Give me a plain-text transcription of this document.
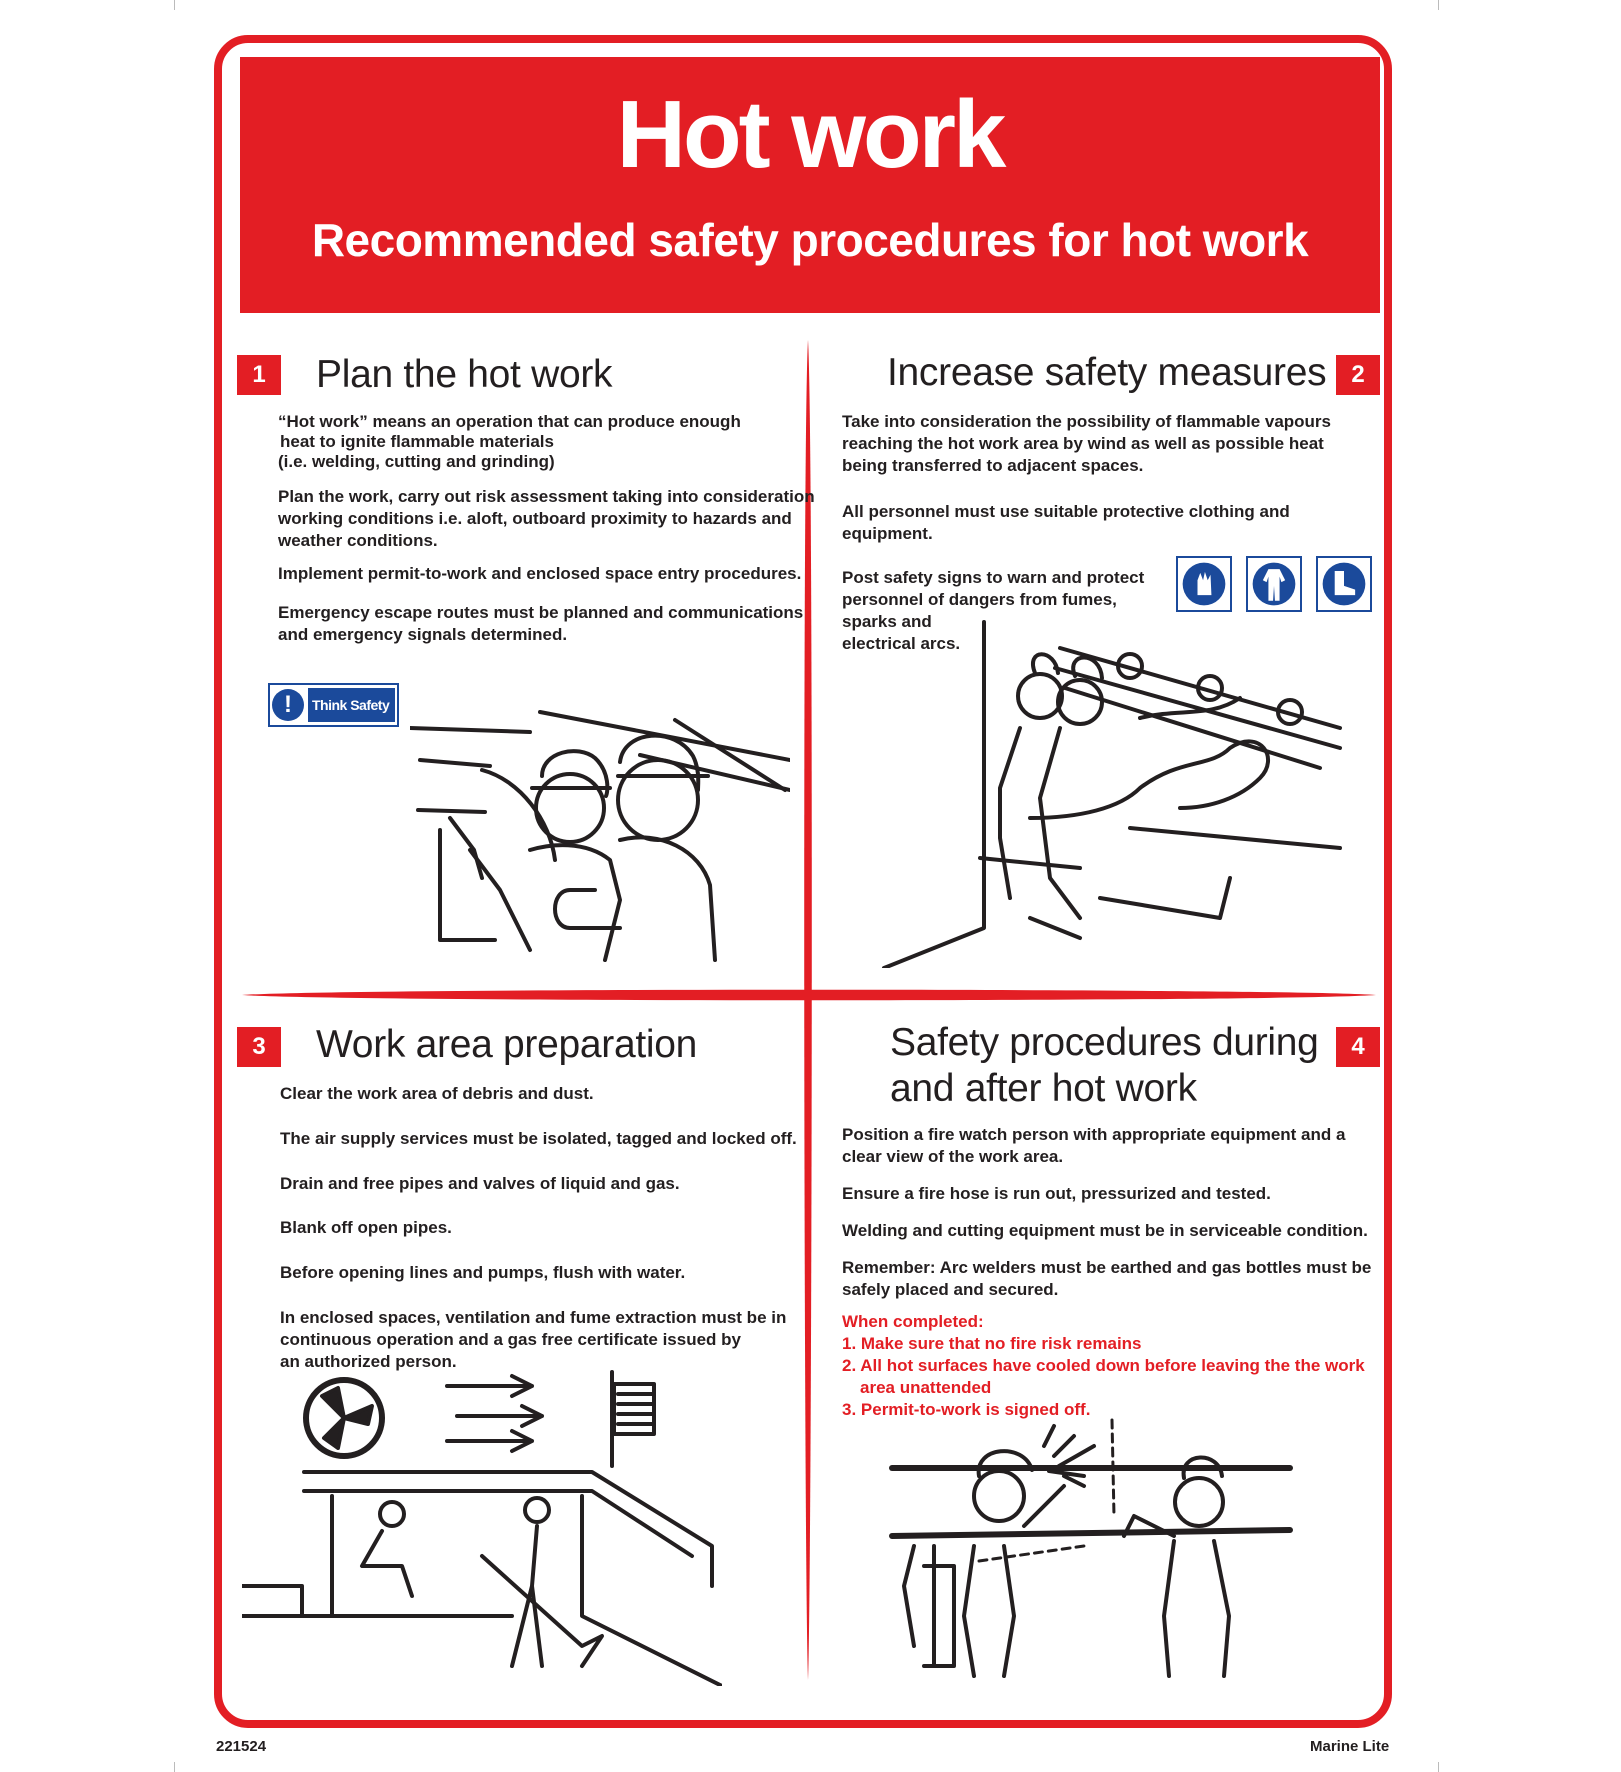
Hot work
Recommended safety procedures for hot work
1	Plan the hot work
“Hot work” means an operation that can produce enough
heat to ignite flammable materials
(i.e. welding, cutting and grinding)
Plan the work, carry out risk assessment taking into consideration
working conditions i.e. aloft, outboard proximity to hazards and
weather conditions.
Implement permit-to-work and enclosed space entry procedures.
Emergency escape routes must be planned and communications
and emergency signals determined.
!	Think Safety
Increase safety measures	2
Take into consideration the possibility of flammable vapours
reaching the hot work area by wind as well as possible heat
being transferred to adjacent spaces.
All personnel must use suitable protective clothing and
equipment.
Post safety signs to warn and protect
personnel of dangers from fumes,
sparks and
electrical arcs.
3	Work area preparation
Clear the work area of debris and dust.
The air supply services must be isolated, tagged and locked off.
Drain and free pipes and valves of liquid and gas.
Blank off open pipes.
Before opening lines and pumps, flush with water.
In enclosed spaces, ventilation and fume extraction must be in
continuous operation and a gas free certificate issued by
an authorized person.
Safety procedures during
and after hot work
4
Position a fire watch person with appropriate equipment and a
clear view of the work area.
Ensure a fire hose is run out, pressurized and tested.
Welding and cutting equipment must be in serviceable condition.
Remember: Arc welders must be earthed and gas bottles must be
safely placed and secured.
When completed:
1. Make sure that no fire risk remains
2. All hot surfaces have cooled down before leaving the the work
area unattended
3. Permit-to-work is signed off.
221524	Marine Lite
